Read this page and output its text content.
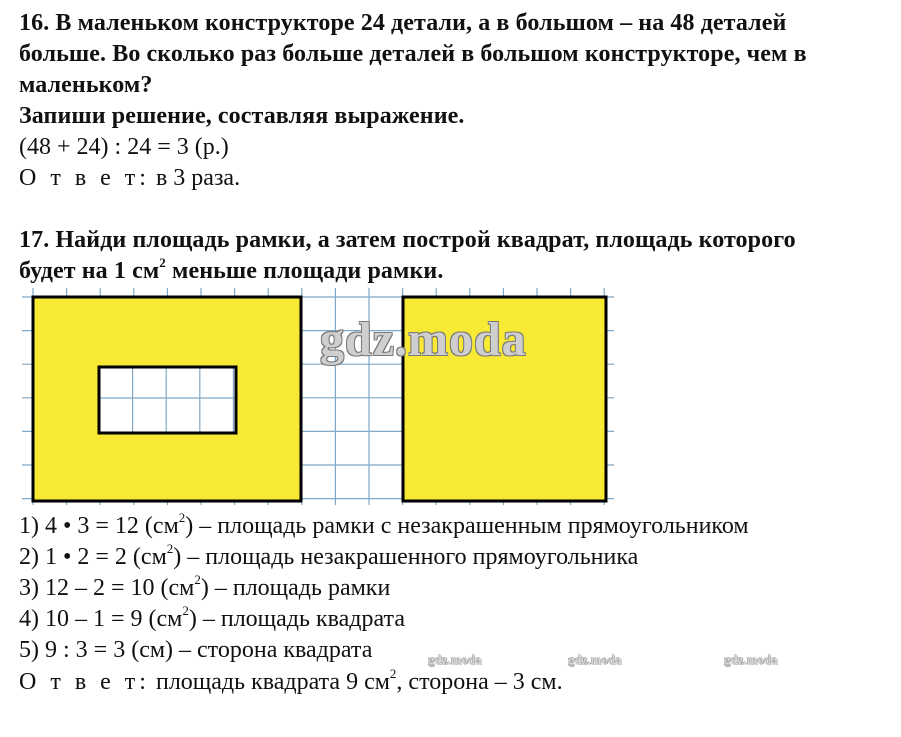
16. В маленьком конструкторе 24 детали, а в большом – на 48 деталей
больше. Во сколько раз больше деталей в большом конструкторе, чем в
маленьком?
Запиши решение, составляя выражение.
(48 + 24) : 24 = 3 (р.)
О т в е т: в 3 раза.
17. Найди площадь рамки, а затем построй квадрат, площадь которого
будет на 1 $см^2$ меньше площади рамки.
gdz.moda
1) 4 • 3 = 12 $(см^2)$ – площадь рамки с незакрашенным прямоугольником
2) 1 • 2 = 2 $(см^2)$ – площадь незакрашенного прямоугольника
3) 12 – 2 = 10 $(см^2)$ – площадь рамки
4) 10 – 1 = 9 $(см^2)$ – площадь квадрата
5) 9 : 3 = 3 (см) – сторона квадрата	gdz.moda	gdz.moda	gdz.moda
О т в е т: площадь квадрата 9 $см^2$, сторона – 3 см.
